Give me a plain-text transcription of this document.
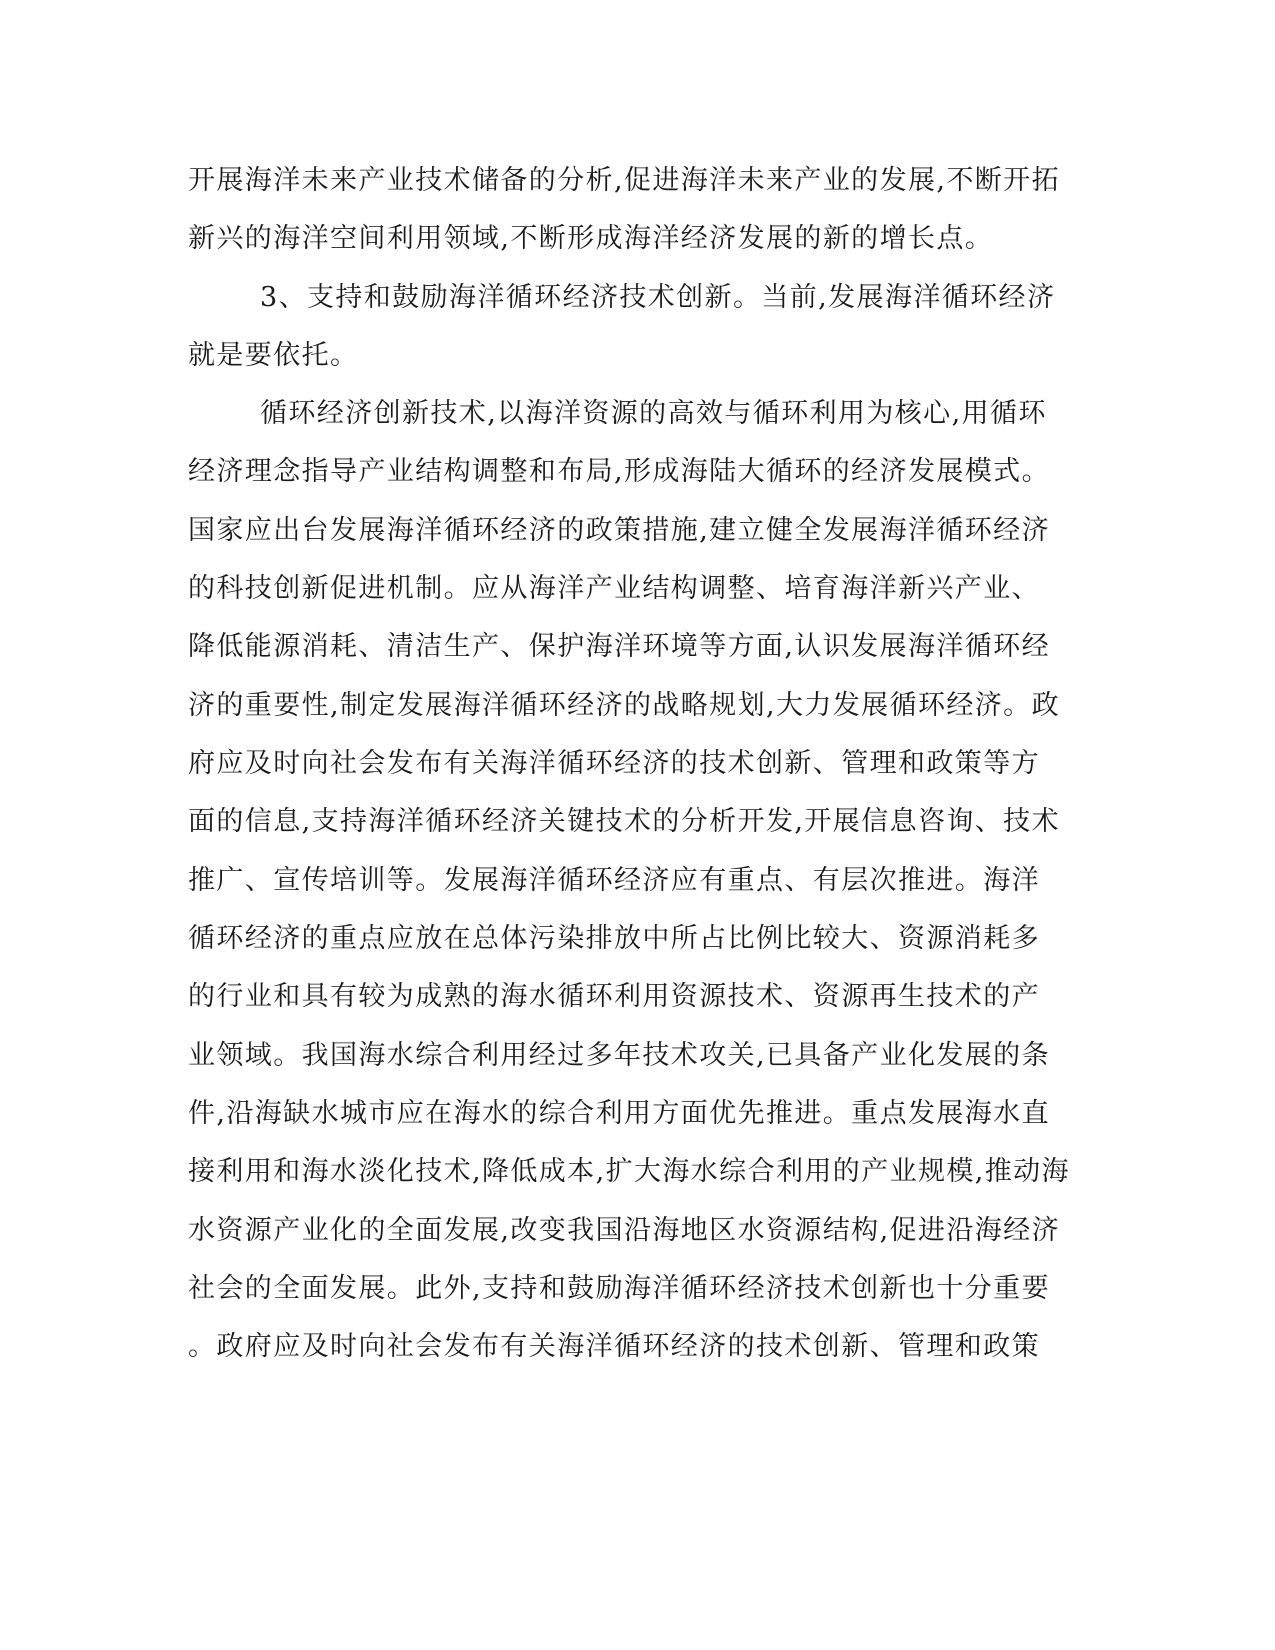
开展海洋未来产业技术储备的分析,促进海洋未来产业的发展,不断开拓
新兴的海洋空间利用领域,不断形成海洋经济发展的新的增长点。
3、支持和鼓励海洋循环经济技术创新。当前,发展海洋循环经济
就是要依托。
循环经济创新技术,以海洋资源的高效与循环利用为核心,用循环
经济理念指导产业结构调整和布局,形成海陆大循环的经济发展模式。
国家应出台发展海洋循环经济的政策措施,建立健全发展海洋循环经济
的科技创新促进机制。应从海洋产业结构调整、培育海洋新兴产业、
降低能源消耗、清洁生产、保护海洋环境等方面,认识发展海洋循环经
济的重要性,制定发展海洋循环经济的战略规划,大力发展循环经济。政
府应及时向社会发布有关海洋循环经济的技术创新、管理和政策等方
面的信息,支持海洋循环经济关键技术的分析开发,开展信息咨询、技术
推广、宣传培训等。发展海洋循环经济应有重点、有层次推进。海洋
循环经济的重点应放在总体污染排放中所占比例比较大、资源消耗多
的行业和具有较为成熟的海水循环利用资源技术、资源再生技术的产
业领域。我国海水综合利用经过多年技术攻关,已具备产业化发展的条
件,沿海缺水城市应在海水的综合利用方面优先推进。重点发展海水直
接利用和海水淡化技术,降低成本,扩大海水综合利用的产业规模,推动海
水资源产业化的全面发展,改变我国沿海地区水资源结构,促进沿海经济
社会的全面发展。此外,支持和鼓励海洋循环经济技术创新也十分重要
。政府应及时向社会发布有关海洋循环经济的技术创新、管理和政策
